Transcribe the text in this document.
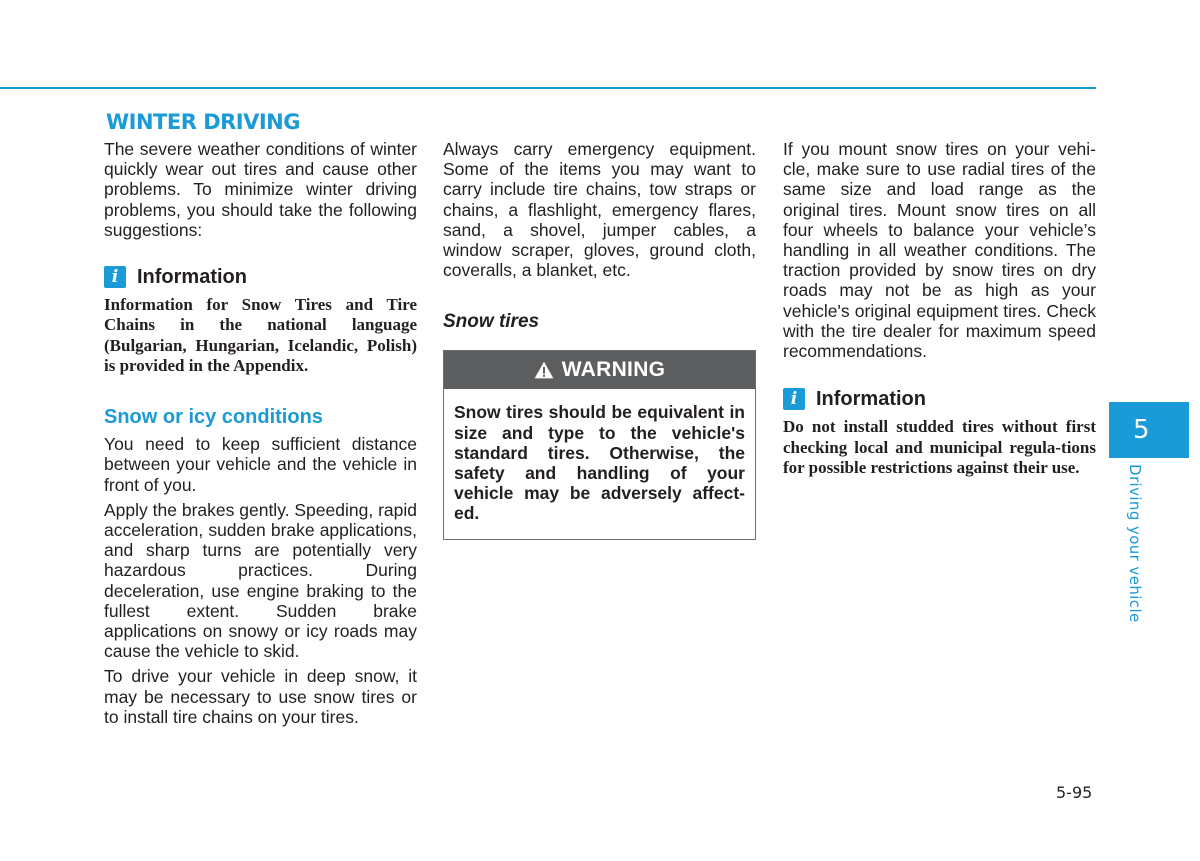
WINTER DRIVING

The severe weather conditions of winter quickly wear out tires and cause other problems. To minimize winter driving problems, you should take the following suggestions:

i Information

Information for Snow Tires and Tire Chains in the national language (Bulgarian, Hungarian, Icelandic, Polish) is provided in the Appendix.

Snow or icy conditions

You need to keep sufficient distance between your vehicle and the vehicle in front of you.

Apply the brakes gently. Speeding, rapid acceleration, sudden brake applications, and sharp turns are potentially very hazardous practices. During deceleration, use engine braking to the fullest extent. Sudden brake applications on snowy or icy roads may cause the vehicle to skid.

To drive your vehicle in deep snow, it may be necessary to use snow tires or to install tire chains on your tires.

Always carry emergency equipment. Some of the items you may want to carry include tire chains, tow straps or chains, a flashlight, emergency flares, sand, a shovel, jumper cables, a window scraper, gloves, ground cloth, coveralls, a blanket, etc.

Snow tires
WARNING

Snow tires should be equivalent in size and type to the vehicle's standard tires. Otherwise, the safety and handling of your vehicle may be adversely affect-ed.

If you mount snow tires on your vehi-cle, make sure to use radial tires of the same size and load range as the original tires. Mount snow tires on all four wheels to balance your vehicle’s handling in all weather conditions. The traction provided by snow tires on dry roads may not be as high as your vehicle's original equipment tires. Check with the tire dealer for maximum speed recommendations.

i Information

Do not install studded tires without first checking local and municipal regula-tions for possible restrictions against their use.

5
Driving your vehicle
5-95
